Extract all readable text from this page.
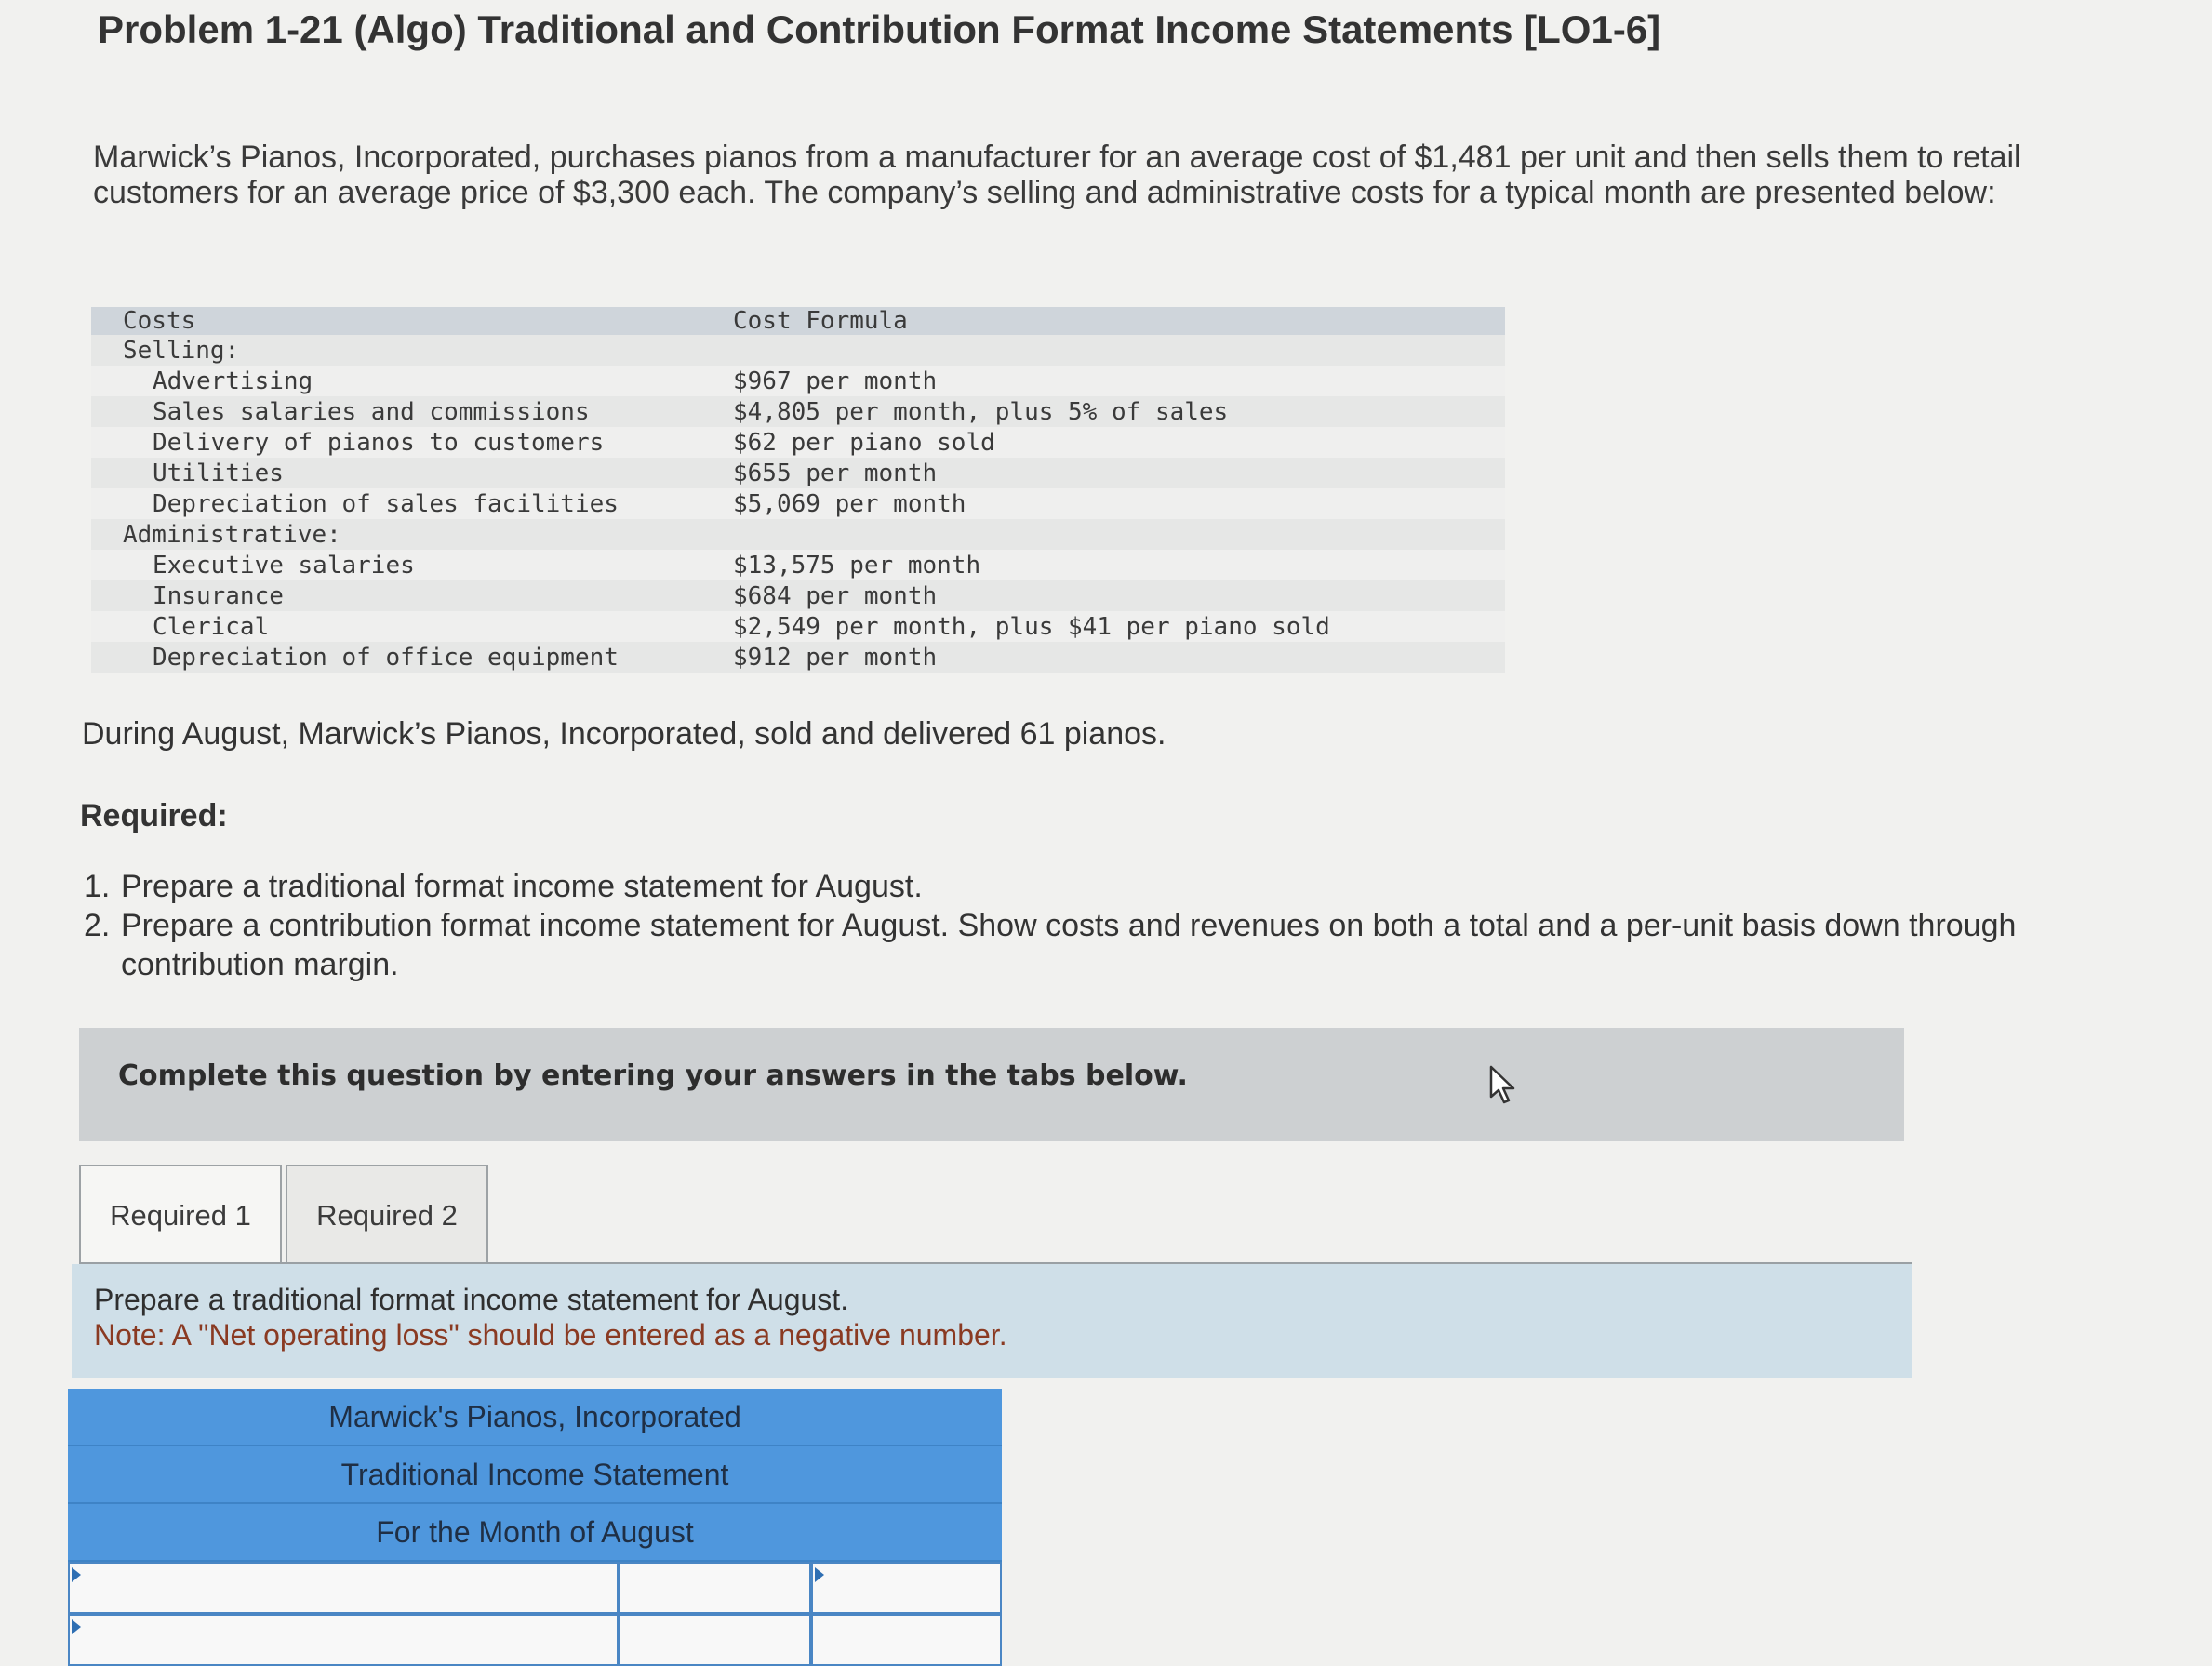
Problem 1-21 (Algo) Traditional and Contribution Format Income Statements [LO1-6]
Marwick’s Pianos, Incorporated, purchases pianos from a manufacturer for an average cost of $1,481 per unit and then sells them to retail customers for an average price of $3,300 each. The company’s selling and administrative costs for a typical month are presented below:
Costs	Cost Formula
Selling:
Advertising	$967 per month
Sales salaries and commissions	$4,805 per month, plus 5% of sales
Delivery of pianos to customers	$62 per piano sold
Utilities	$655 per month
Depreciation of sales facilities	$5,069 per month
Administrative:
Executive salaries	$13,575 per month
Insurance	$684 per month
Clerical	$2,549 per month, plus $41 per piano sold
Depreciation of office equipment	$912 per month
During August, Marwick’s Pianos, Incorporated, sold and delivered 61 pianos.
Required:
1. Prepare a traditional format income statement for August.
2. Prepare a contribution format income statement for August. Show costs and revenues on both a total and a per-unit basis down through contribution margin.
Complete this question by entering your answers in the tabs below.
Required 1	Required 2
Prepare a traditional format income statement for August.
Note: A "Net operating loss" should be entered as a negative number.
Marwick's Pianos, Incorporated
Traditional Income Statement
For the Month of August
